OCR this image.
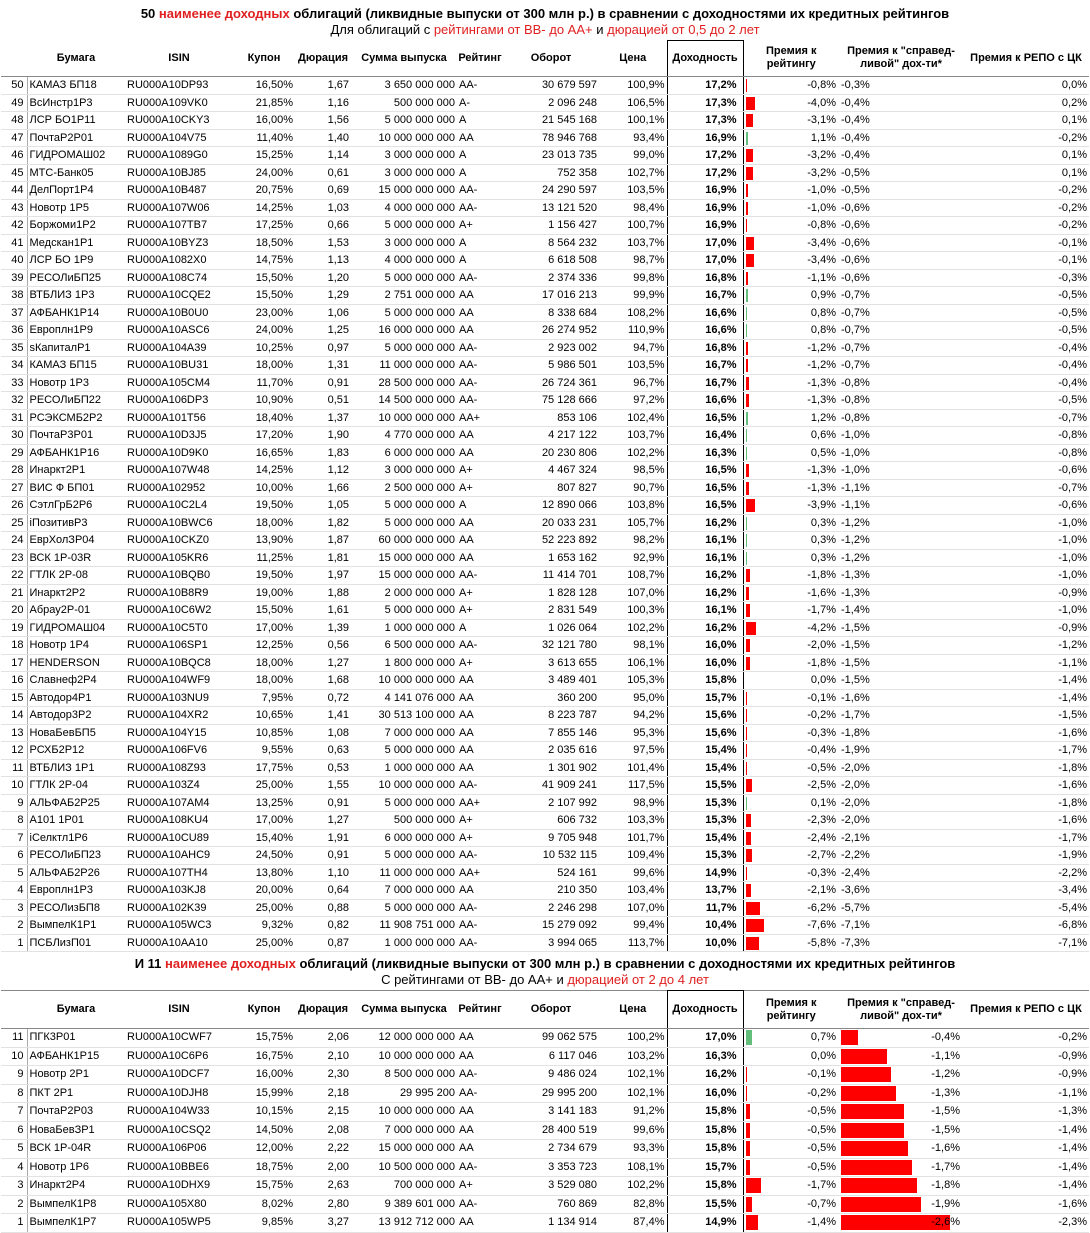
50 наименее доходных облигаций (ликвидные выпуски от 300 млн р.) в сравнении с доходностями их кредитных рейтингов
Для облигаций с рейтингами от ВВ- до АА+ и дюрацией от 0,5 до 2 лет
	Бумага	ISIN	Купон	Дюрация	Сумма выпуска	Рейтинг	Оборот	Цена	Доходность	Премия к рейтингу	Премия к "справед-ливой" дох-ти*	Премия к РЕПО с ЦК
50	КАМАЗ БП18	RU000A10DP93	16,50%	1,67	3 650 000 000	АА-	30 679 597	100,9%	17,2%	-0,8%	-0,3%	0,0%
49	ВсИнстр1Р3	RU000A109VK0	21,85%	1,16	500 000 000	А-	2 096 248	106,5%	17,3%	-4,0%	-0,4%	0,2%
48	ЛСР БО1Р11	RU000A10CKY3	16,00%	1,56	5 000 000 000	А	21 545 168	100,1%	17,3%	-3,1%	-0,4%	0,1%
47	ПочтаР2Р01	RU000A104V75	11,40%	1,40	10 000 000 000	АА	78 946 768	93,4%	16,9%	1,1%	-0,4%	-0,2%
46	ГИДРОМАШ02	RU000A1089G0	15,25%	1,14	3 000 000 000	А	23 013 735	99,0%	17,2%	-3,2%	-0,4%	0,1%
45	МТС-Банк05	RU000A10BJ85	24,00%	0,61	3 000 000 000	А	752 358	102,7%	17,2%	-3,2%	-0,5%	0,1%
44	ДелПорт1Р4	RU000A10B487	20,75%	0,69	15 000 000 000	АА-	24 290 597	103,5%	16,9%	-1,0%	-0,5%	-0,2%
43	Новотр 1Р5	RU000A107W06	14,25%	1,03	4 000 000 000	АА-	13 121 520	98,4%	16,9%	-1,0%	-0,6%	-0,2%
42	Боржоми1Р2	RU000A107TB7	17,25%	0,66	5 000 000 000	А+	1 156 427	100,7%	16,9%	-0,8%	-0,6%	-0,2%
41	Медскан1Р1	RU000A10BYZ3	18,50%	1,53	3 000 000 000	А	8 564 232	103,7%	17,0%	-3,4%	-0,6%	-0,1%
40	ЛСР БО 1Р9	RU000A1082X0	14,75%	1,13	4 000 000 000	А	6 618 508	98,7%	17,0%	-3,4%	-0,6%	-0,1%
39	РЕСОЛиБП25	RU000A108C74	15,50%	1,20	5 000 000 000	АА-	2 374 336	99,8%	16,8%	-1,1%	-0,6%	-0,3%
38	ВТБЛИЗ 1Р3	RU000A10CQE2	15,50%	1,29	2 751 000 000	АА	17 016 213	99,9%	16,7%	0,9%	-0,7%	-0,5%
37	АФБАНК1Р14	RU000A10B0U0	23,00%	1,06	5 000 000 000	АА	8 338 684	108,2%	16,6%	0,8%	-0,7%	-0,5%
36	Европлн1Р9	RU000A10ASC6	24,00%	1,25	16 000 000 000	АА	26 274 952	110,9%	16,6%	0,8%	-0,7%	-0,5%
35	sКапиталР1	RU000A104A39	10,25%	0,97	5 000 000 000	АА-	2 923 002	94,7%	16,8%	-1,2%	-0,7%	-0,4%
34	КАМАЗ БП15	RU000A10BU31	18,00%	1,31	11 000 000 000	АА-	5 986 501	103,5%	16,7%	-1,2%	-0,7%	-0,4%
33	Новотр 1Р3	RU000A105CM4	11,70%	0,91	28 500 000 000	АА-	26 724 361	96,7%	16,7%	-1,3%	-0,8%	-0,4%
32	РЕСОЛиБП22	RU000A106DP3	10,90%	0,51	14 500 000 000	АА-	75 128 666	97,2%	16,6%	-1,3%	-0,8%	-0,5%
31	РСЭКСМБ2Р2	RU000A101T56	18,40%	1,37	10 000 000 000	АА+	853 106	102,4%	16,5%	1,2%	-0,8%	-0,7%
30	ПочтаР3Р01	RU000A10D3J5	17,20%	1,90	4 770 000 000	АА	4 217 122	103,7%	16,4%	0,6%	-1,0%	-0,8%
29	АФБАНК1Р16	RU000A10D9K0	16,65%	1,83	6 000 000 000	АА	20 230 806	102,2%	16,3%	0,5%	-1,0%	-0,8%
28	Инаркт2Р1	RU000A107W48	14,25%	1,12	3 000 000 000	А+	4 467 324	98,5%	16,5%	-1,3%	-1,0%	-0,6%
27	ВИС Ф БП01	RU000A102952	10,00%	1,66	2 500 000 000	А+	807 827	90,7%	16,5%	-1,3%	-1,1%	-0,7%
26	СэтлГрБ2Р6	RU000A10C2L4	19,50%	1,05	5 000 000 000	А	12 890 066	103,8%	16,5%	-3,9%	-1,1%	-0,6%
25	iПозитивР3	RU000A10BWC6	18,00%	1,82	5 000 000 000	АА	20 033 231	105,7%	16,2%	0,3%	-1,2%	-1,0%
24	ЕврХолЗР04	RU000A10CKZ0	13,90%	1,87	60 000 000 000	АА	52 223 892	98,2%	16,1%	0,3%	-1,2%	-1,0%
23	ВСК 1Р-03R	RU000A105KR6	11,25%	1,81	15 000 000 000	АА	1 653 162	92,9%	16,1%	0,3%	-1,2%	-1,0%
22	ГТЛК 2Р-08	RU000A10BQB0	19,50%	1,97	15 000 000 000	АА-	11 414 701	108,7%	16,2%	-1,8%	-1,3%	-1,0%
21	Инаркт2Р2	RU000A10B8R9	19,00%	1,88	2 000 000 000	А+	1 828 128	107,0%	16,2%	-1,6%	-1,3%	-0,9%
20	Абрау2Р-01	RU000A10C6W2	15,50%	1,61	5 000 000 000	А+	2 831 549	100,3%	16,1%	-1,7%	-1,4%	-1,0%
19	ГИДРОМАШ04	RU000A10C5T0	17,00%	1,39	1 000 000 000	А	1 026 064	102,2%	16,2%	-4,2%	-1,5%	-0,9%
18	Новотр 1Р4	RU000A106SP1	12,25%	0,56	6 500 000 000	АА-	32 121 780	98,1%	16,0%	-2,0%	-1,5%	-1,2%
17	HENDERSON	RU000A10BQC8	18,00%	1,27	1 800 000 000	А+	3 613 655	106,1%	16,0%	-1,8%	-1,5%	-1,1%
16	Славнеф2Р4	RU000A104WF9	18,00%	1,68	10 000 000 000	АА	3 489 401	105,3%	15,8%	0,0%	-1,5%	-1,4%
15	Автодор4Р1	RU000A103NU9	7,95%	0,72	4 141 076 000	АА	360 200	95,0%	15,7%	-0,1%	-1,6%	-1,4%
14	Автодор3Р2	RU000A104XR2	10,65%	1,41	30 513 100 000	АА	8 223 787	94,2%	15,6%	-0,2%	-1,7%	-1,5%
13	НоваБевБП5	RU000A104Y15	10,85%	1,08	7 000 000 000	АА	7 855 146	95,3%	15,6%	-0,3%	-1,8%	-1,6%
12	РСХБ2Р12	RU000A106FV6	9,55%	0,63	5 000 000 000	АА	2 035 616	97,5%	15,4%	-0,4%	-1,9%	-1,7%
11	ВТБЛИЗ 1Р1	RU000A108Z93	17,75%	0,53	1 000 000 000	АА	1 301 902	101,4%	15,4%	-0,5%	-2,0%	-1,8%
10	ГТЛК 2Р-04	RU000A103Z4	25,00%	1,55	10 000 000 000	АА-	41 909 241	117,5%	15,5%	-2,5%	-2,0%	-1,6%
9	АЛЬФАБ2Р25	RU000A107AM4	13,25%	0,91	5 000 000 000	АА+	2 107 992	98,9%	15,3%	0,1%	-2,0%	-1,8%
8	А101 1Р01	RU000A108KU4	17,00%	1,27	500 000 000	А+	606 732	103,3%	15,3%	-2,3%	-2,0%	-1,6%
7	iСелктл1Р6	RU000A10CU89	15,40%	1,91	6 000 000 000	А+	9 705 948	101,7%	15,4%	-2,4%	-2,1%	-1,7%
6	РЕСОЛиБП23	RU000A10AHC9	24,50%	0,91	5 000 000 000	АА-	10 532 115	109,4%	15,3%	-2,7%	-2,2%	-1,9%
5	АЛЬФАБ2Р26	RU000A107TH4	13,80%	1,10	11 000 000 000	АА+	524 161	99,6%	14,9%	-0,3%	-2,4%	-2,2%
4	Европлн1Р3	RU000A103KJ8	20,00%	0,64	7 000 000 000	АА	210 350	103,4%	13,7%	-2,1%	-3,6%	-3,4%
3	РЕСОЛизБП8	RU000A102K39	25,00%	0,88	5 000 000 000	АА-	2 246 298	107,0%	11,7%	-6,2%	-5,7%	-5,4%
2	ВымпелК1Р1	RU000A105WC3	9,32%	0,82	11 908 751 000	АА-	15 279 092	99,4%	10,4%	-7,6%	-7,1%	-6,8%
1	ПСБЛизП01	RU000A10AA10	25,00%	0,87	1 000 000 000	АА-	3 994 065	113,7%	10,0%	-5,8%	-7,3%	-7,1%
И 11 наименее доходных облигаций (ликвидные выпуски от 300 млн р.) в сравнении с доходностями их кредитных рейтингов
С рейтингами от ВВ- до АА+ и дюрацией от 2 до 4 лет
	Бумага	ISIN	Купон	Дюрация	Сумма выпуска	Рейтинг	Оборот	Цена	Доходность	Премия к рейтингу	Премия к "справед-ливой" дох-ти*	Премия к РЕПО с ЦК
11	ПГК3Р01	RU000A10CWF7	15,75%	2,06	12 000 000 000	АА	99 062 575	100,2%	17,0%	0,7%	-0,4%	-0,2%
10	АФБАНК1Р15	RU000A10C6P6	16,75%	2,10	10 000 000 000	АА	6 117 046	103,2%	16,3%	0,0%	-1,1%	-0,9%
9	Новотр 2Р1	RU000A10DCF7	16,00%	2,30	8 500 000 000	АА-	9 486 024	102,1%	16,2%	-0,1%	-1,2%	-0,9%
8	ПКТ 2Р1	RU000A10DJH8	15,99%	2,18	29 995 200	АА-	29 995 200	102,1%	16,0%	-0,2%	-1,3%	-1,1%
7	ПочтаР2Р03	RU000A104W33	10,15%	2,15	10 000 000 000	АА	3 141 183	91,2%	15,8%	-0,5%	-1,5%	-1,3%
6	НоваБевЗР1	RU000A10CSQ2	14,50%	2,08	7 000 000 000	АА	28 400 519	99,6%	15,8%	-0,5%	-1,5%	-1,4%
5	ВСК 1Р-04R	RU000A106P06	12,00%	2,22	15 000 000 000	АА	2 734 679	93,3%	15,8%	-0,5%	-1,6%	-1,4%
4	Новотр 1Р6	RU000A10BBE6	18,75%	2,00	10 500 000 000	АА-	3 353 723	108,1%	15,7%	-0,5%	-1,7%	-1,4%
3	Инаркт2Р4	RU000A10DHX9	15,75%	2,63	700 000 000	А+	3 529 080	102,2%	15,8%	-1,7%	-1,8%	-1,4%
2	ВымпелК1Р8	RU000A105X80	8,02%	2,80	9 389 601 000	АА-	760 869	82,8%	15,5%	-0,7%	-1,9%	-1,6%
1	ВымпелК1Р7	RU000A105WP5	9,85%	3,27	13 912 712 000	АА	1 134 914	87,4%	14,9%	-1,4%	-2,6%	-2,3%
